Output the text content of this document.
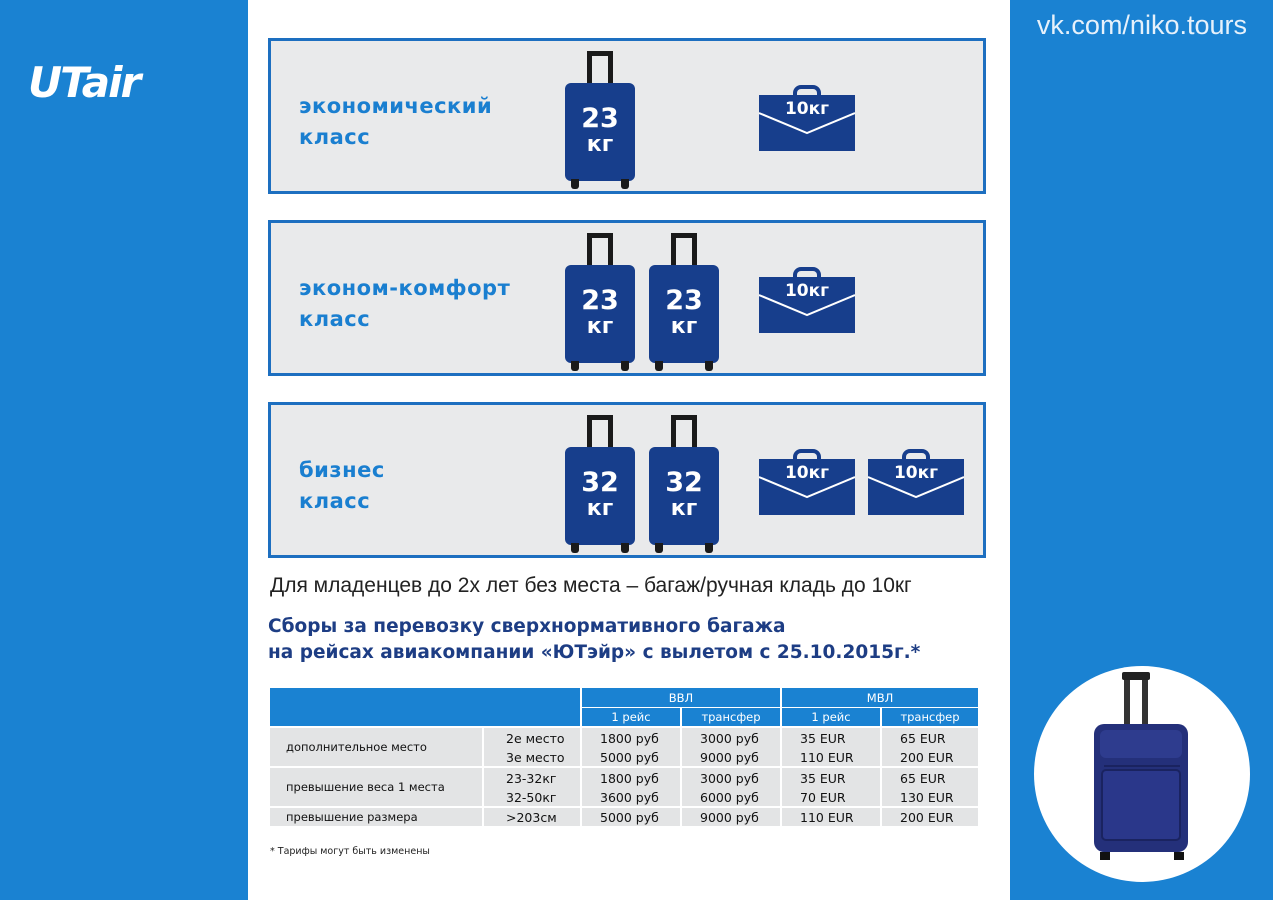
UTair
vk.com/niko.tours
экономический
класс
23
кг
10кг
эконом-комфорт
класс
23
кг
23
кг
10кг
бизнес
класс
32
кг
32
кг
10кг	10кг
Для младенцев до 2х лет без места – багаж/ручная кладь до 10кг
Сборы за перевозку сверхнормативного багажа
на рейсах авиакомпании «ЮТэйр» с вылетом с 25.10.2015г.*
		ВВЛ		МВЛ	
		1 рейс	трансфер	1 рейс	трансфер
дополнительное место	2е место	1800 руб	3000 руб	35 EUR	65 EUR
	3е место	5000 руб	9000 руб	110 EUR	200 EUR
превышение веса 1 места	23-32кг	1800 руб	3000 руб	35 EUR	65 EUR
	32-50кг	3600 руб	6000 руб	70 EUR	130 EUR
превышение размера	>203см	5000 руб	9000 руб	110 EUR	200 EUR
* Тарифы могут быть изменены
